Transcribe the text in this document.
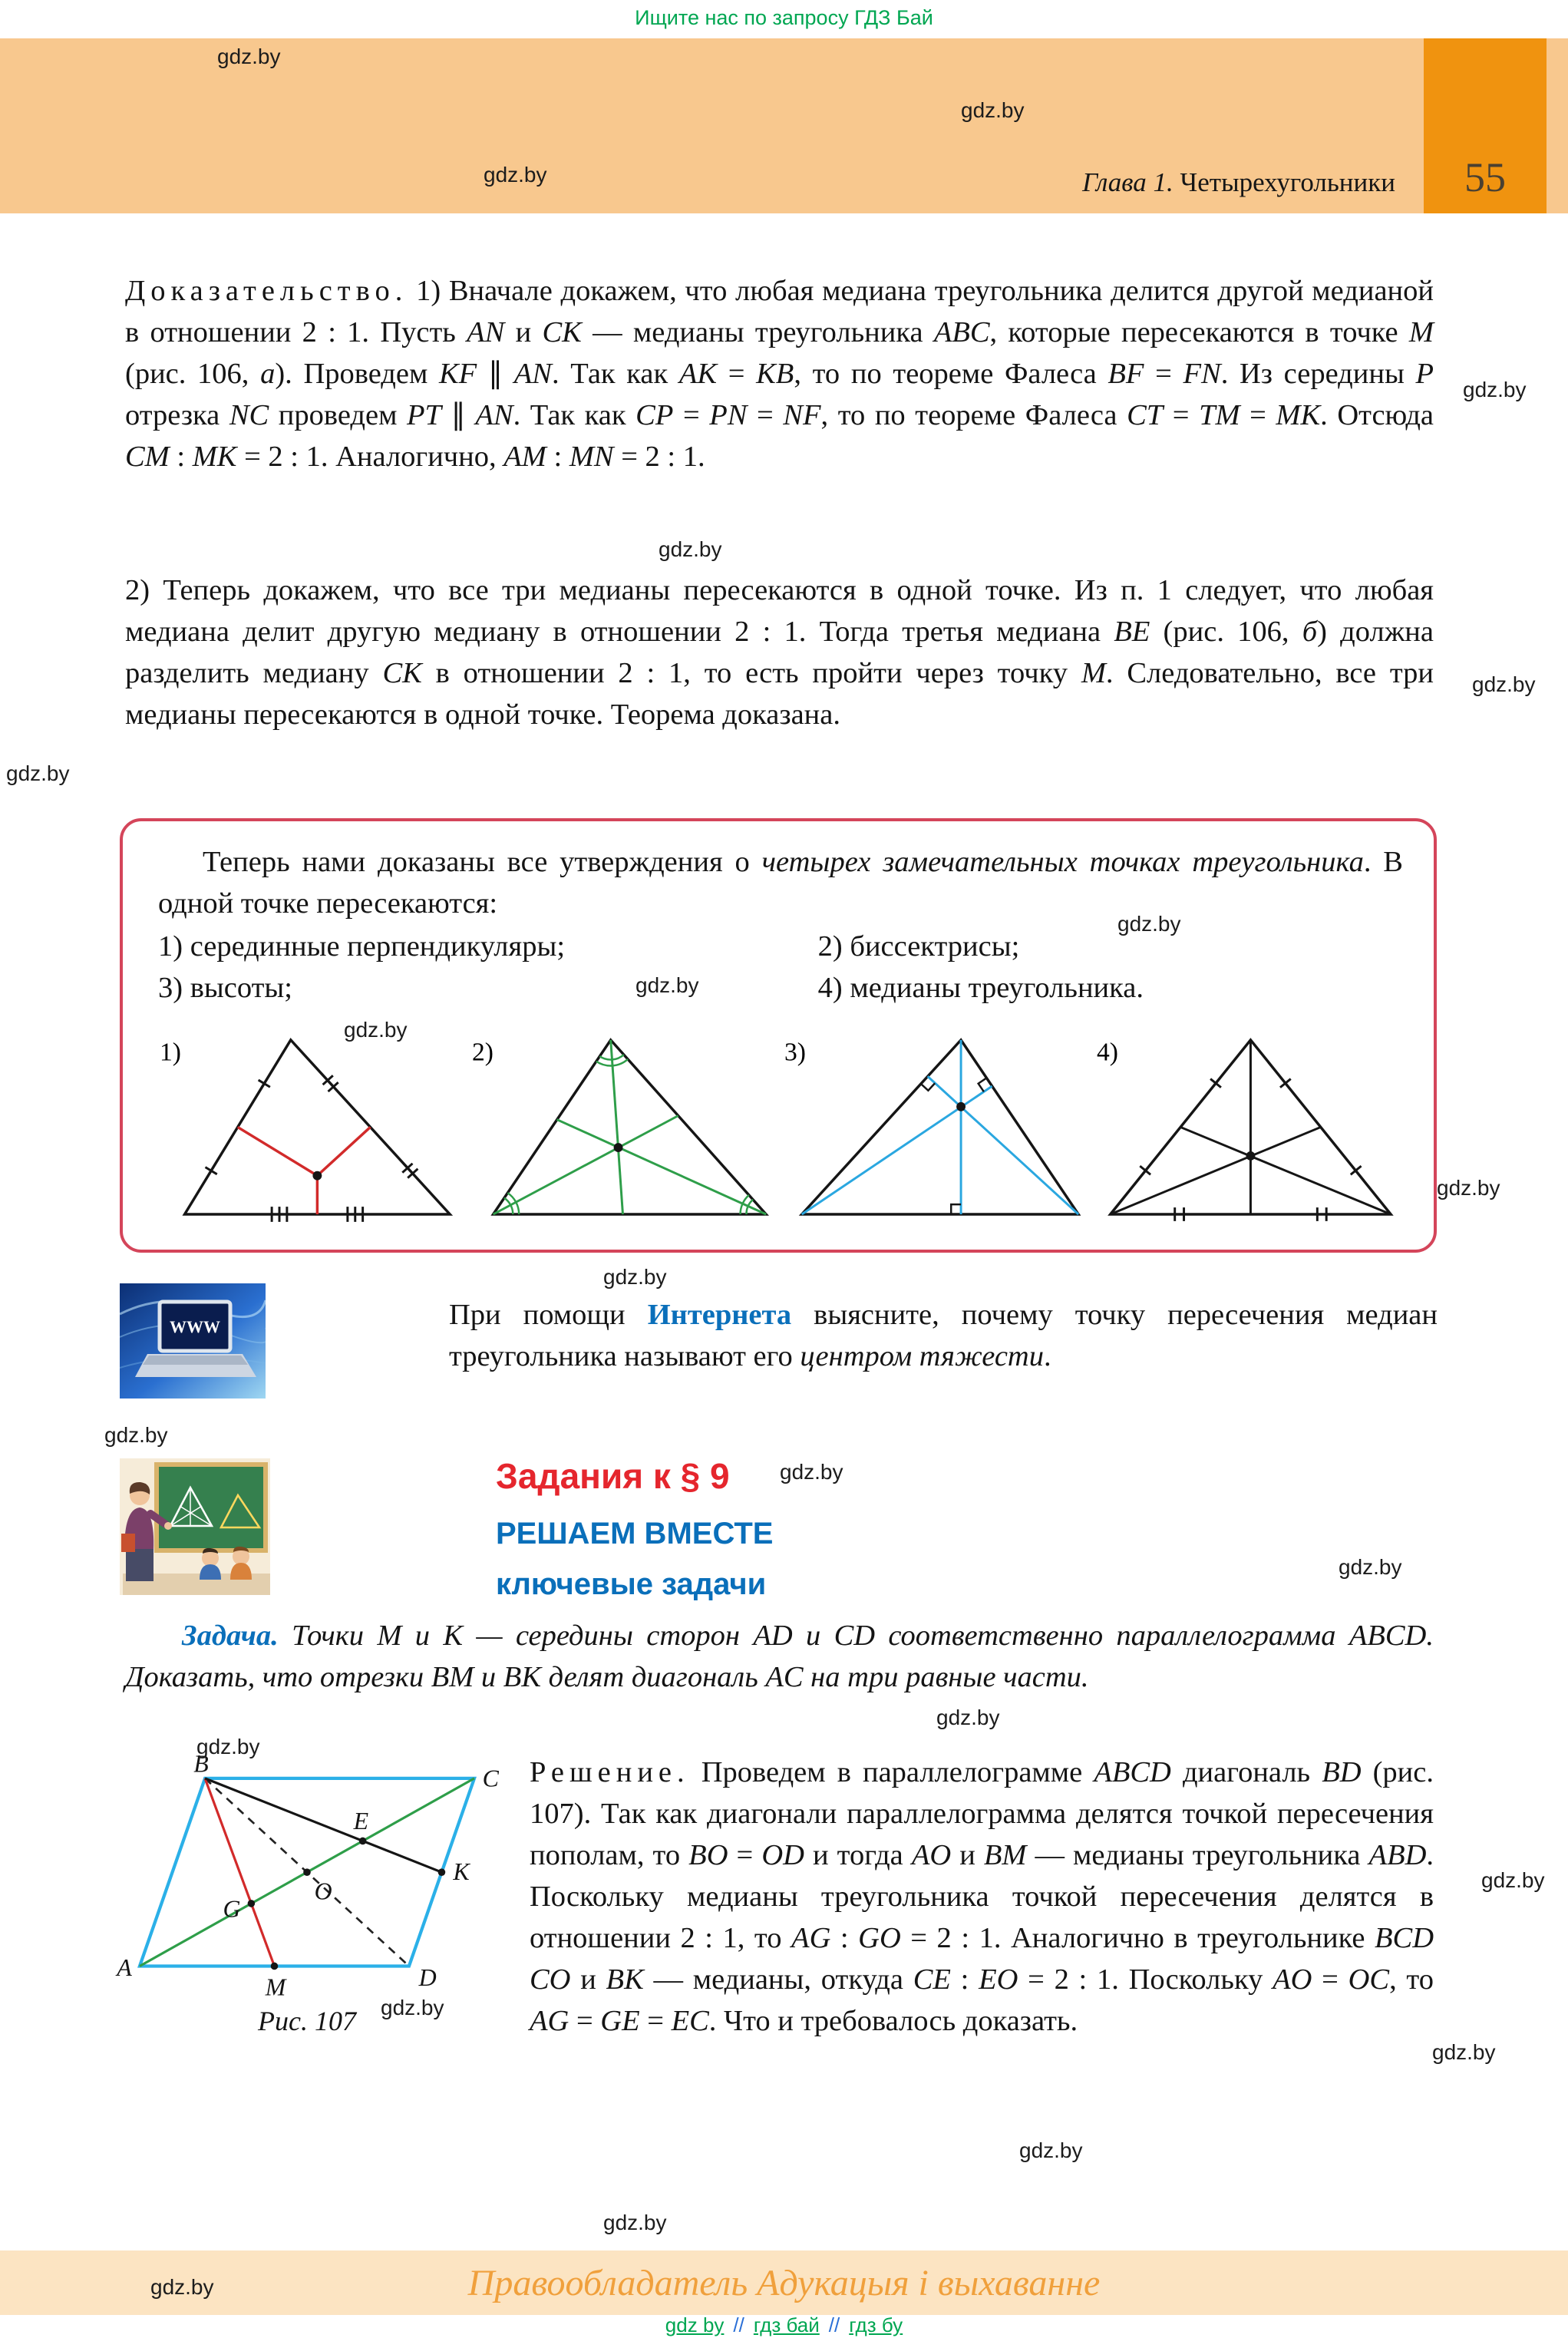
Ищите нас по запросу ГДЗ Бай
Глава 1. Четырехугольники 55

Доказательство. 1) Вначале докажем, что любая медиана треугольника делится другой медианой в отношении 2 : 1. Пусть AN и CK — медианы треугольника ABC, которые пересекаются в точке M (рис. 106, а). Проведем KF ∥ AN. Так как AK = KB, то по теореме Фалеса BF = FN. Из середины P отрезка NC проведем PT ∥ AN. Так как CP = PN = NF, то по теореме Фалеса CT = TM = MK. Отсюда CM : MK = 2 : 1. Аналогично, AM : MN = 2 : 1.

2) Теперь докажем, что все три медианы пересекаются в одной точке. Из п. 1 следует, что любая медиана делит другую медиану в отношении 2 : 1. Тогда третья медиана BE (рис. 106, б) должна разделить медиану CK в отношении 2 : 1, то есть пройти через точку M. Следовательно, все три медианы пересекаются в одной точке. Теорема доказана.

Теперь нами доказаны все утверждения о четырех замечательных точках треугольника. В одной точке пересекаются:

1) серединные перпендикуляры;	2) биссектрисы;
3) высоты;	4) медианы треугольника.
1)	2)	3)	4)
WWW	При помощи Интернета выясните, почему точку пересечения медиан треугольника называют его центром тяжести.

Задания к § 9
РЕШАЕМ ВМЕСТЕ
ключевые задачи

Задача. Точки M и K — середины сторон AD и CD соответственно параллелограмма ABCD. Доказать, что отрезки BM и BK делят диагональ AC на три равные части.

A
B
C
D
E
G
O
K
M
Рис. 107

Решение. Проведем в параллелограмме ABCD диагональ BD (рис. 107). Так как диагонали параллелограмма делятся точкой пересечения пополам, то BO = OD и тогда AO и BM — медианы треугольника ABD. Поскольку медианы треугольника точкой пересечения делятся в отношении 2 : 1, то AG : GO = 2 : 1. Аналогично в треугольнике BCD CO и BK — медианы, откуда CE : EO = 2 : 1. Поскольку AO = OC, то AG = GE = EC. Что и требовалось доказать.

Правообладатель Адукацыя і выхаванне
gdz by // гдз бай // гдз бу
gdz.by
gdz.by
gdz.by
gdz.by
gdz.by
gdz.by
gdz.by
gdz.by
gdz.by
gdz.by
gdz.by
gdz.by
gdz.by
gdz.by
gdz.by
gdz.by
gdz.by
gdz.by
gdz.by
gdz.by
gdz.by
gdz.by
gdz.by
